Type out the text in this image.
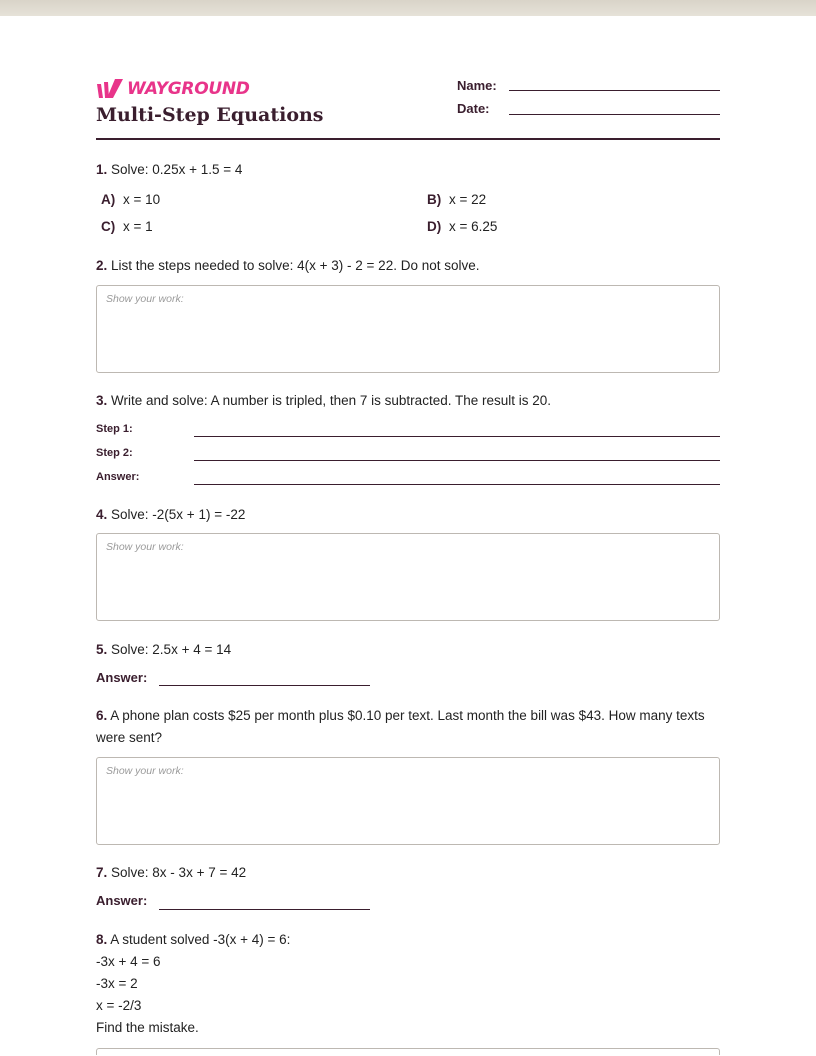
WAYGROUND
Multi-Step Equations
Name:
Date:
1. Solve: 0.25x + 1.5 = 4
A) x = 10	B) x = 22
C) x = 1	D) x = 6.25
2. List the steps needed to solve: 4(x + 3) - 2 = 22. Do not solve.
Show your work:
3. Write and solve: A number is tripled, then 7 is subtracted. The result is 20.
Step 1:
Step 2:
Answer:
4. Solve: -2(5x + 1) = -22
Show your work:
5. Solve: 2.5x + 4 = 14
Answer:
6. A phone plan costs $25 per month plus $0.10 per text. Last month the bill was $43. How many texts were sent?
Show your work:
7. Solve: 8x - 3x + 7 = 42
Answer:
8. A student solved -3(x + 4) = 6:
-3x + 4 = 6
-3x = 2
x = -2/3
Find the mistake.
